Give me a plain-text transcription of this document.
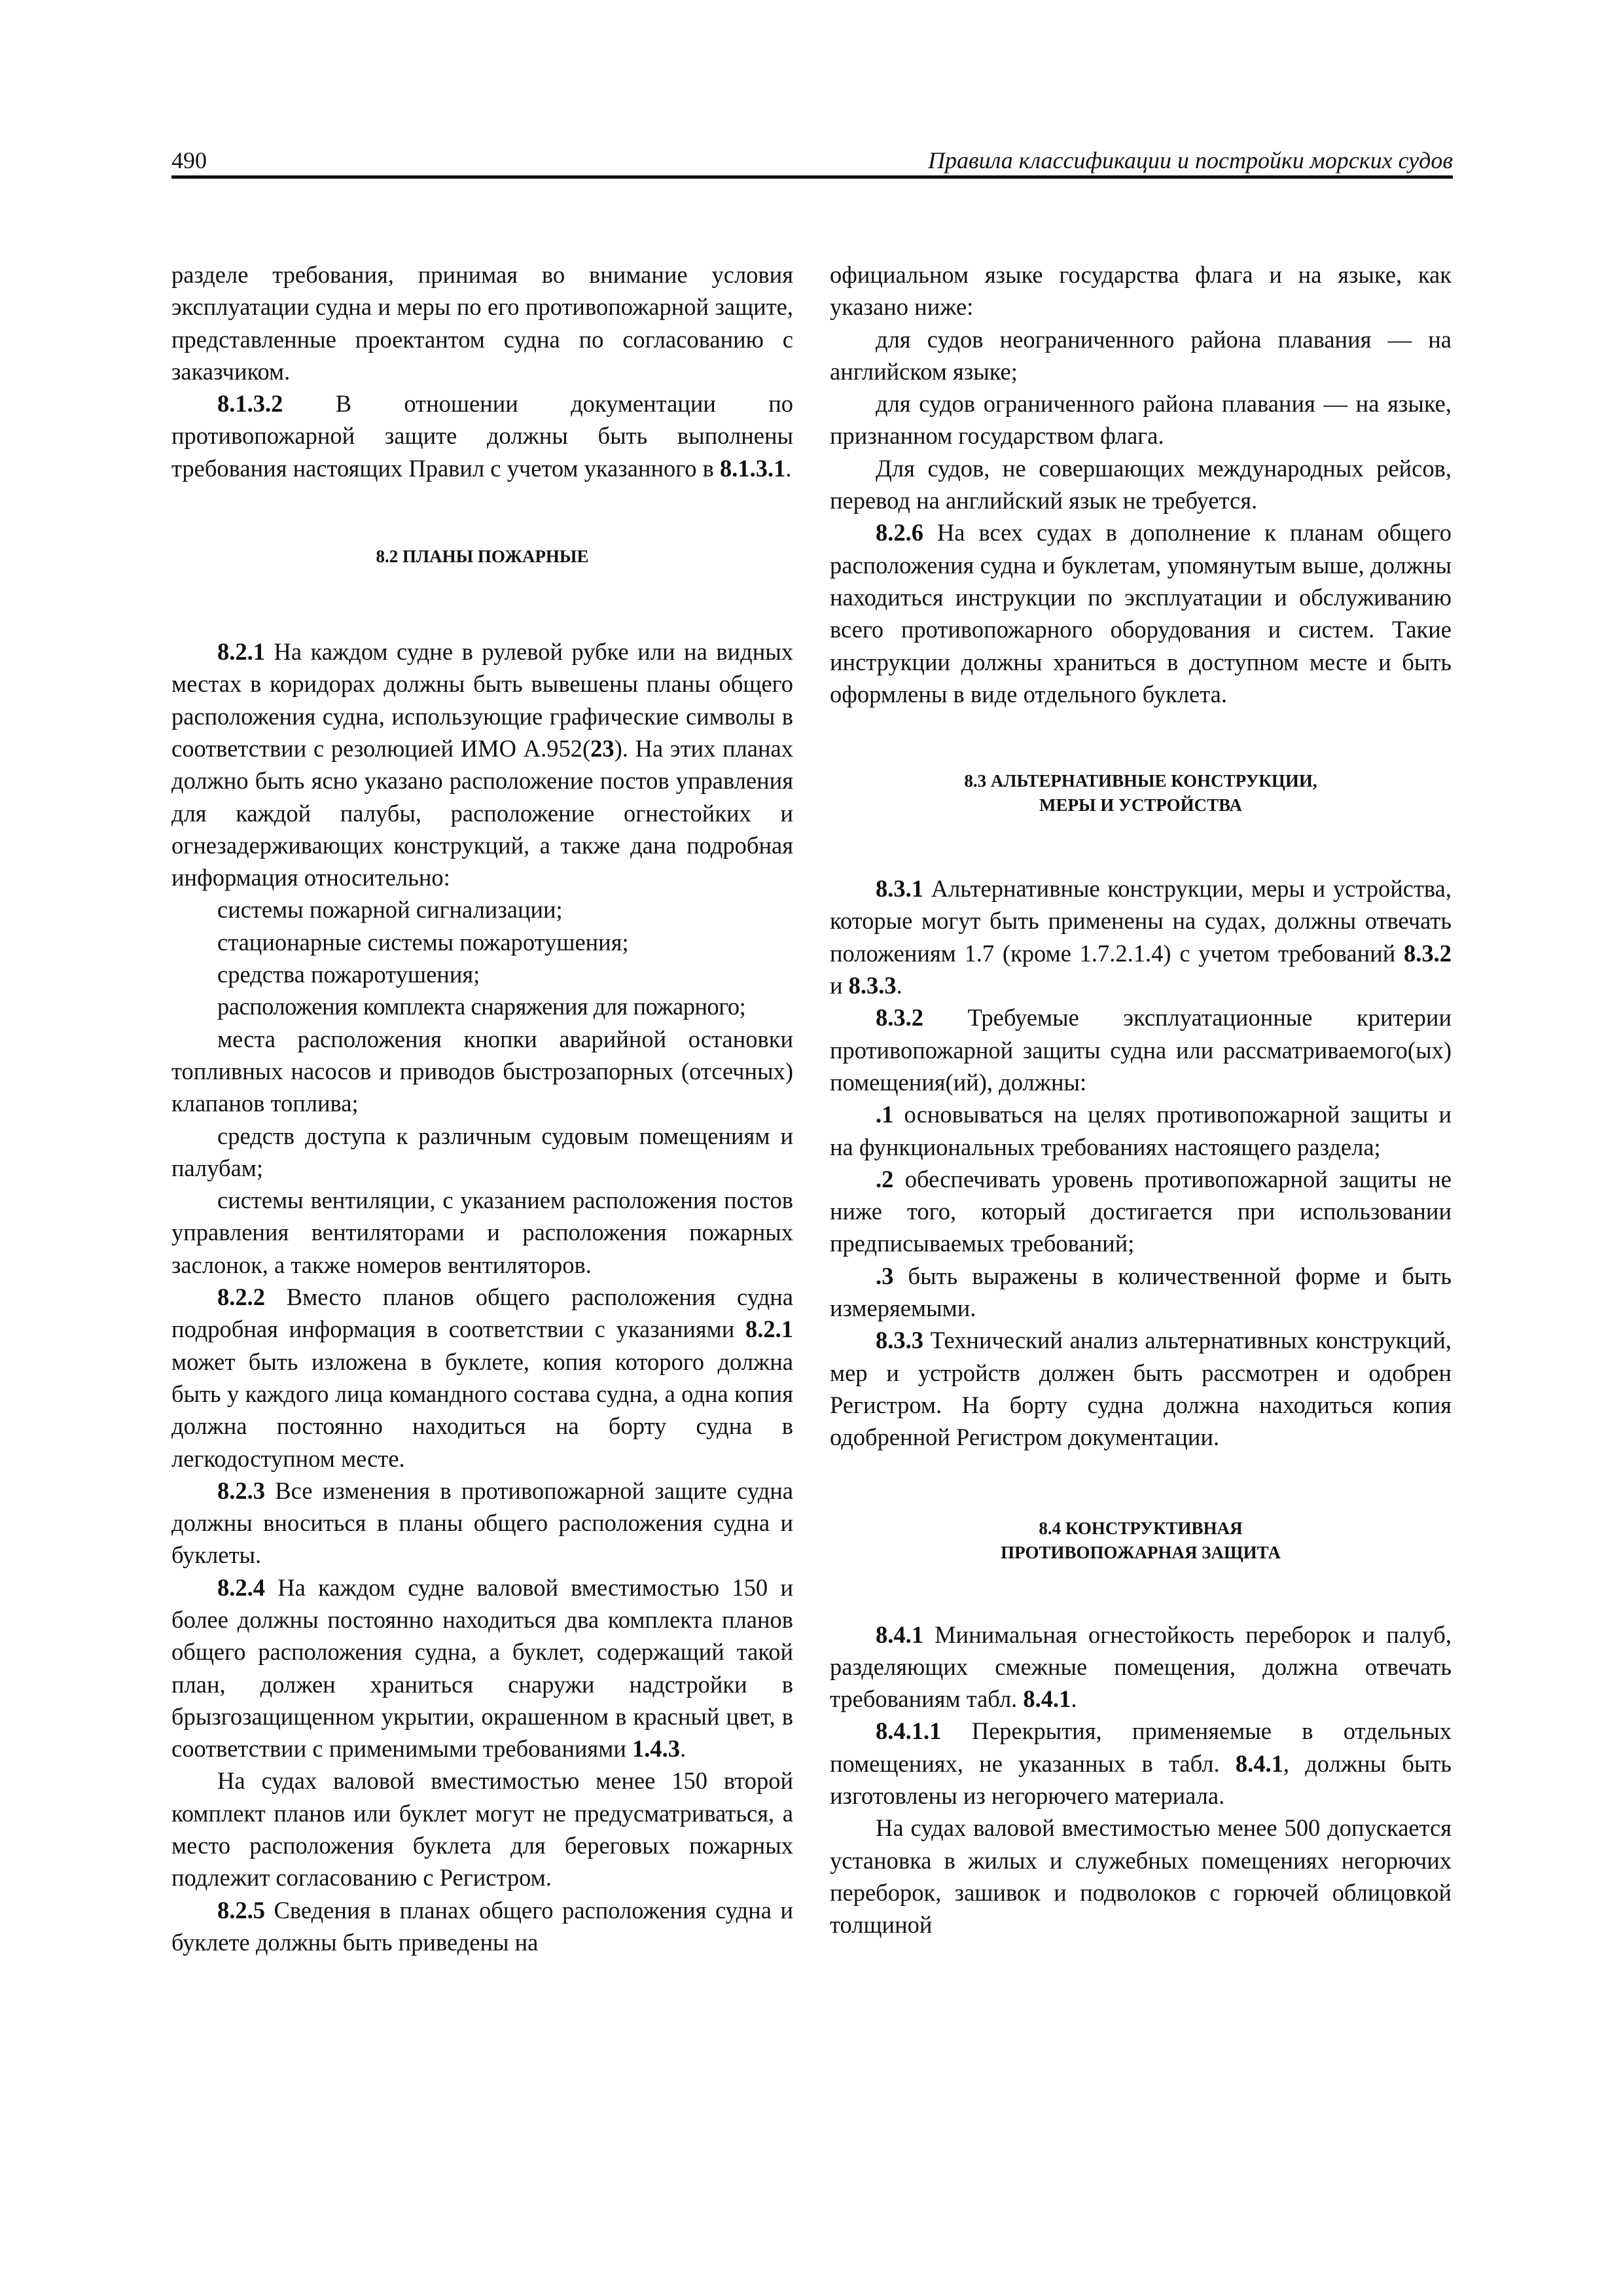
490	Правила классификации и постройки морских судов

разделе требования, принимая во внимание условия эксплуатации судна и меры по его противопожарной защите, представленные проектантом судна по согласованию с заказчиком.

8.1.3.2 В отношении документации по противопожарной защите должны быть выполнены требования настоящих Правил с учетом указанного в 8.1.3.1.

8.2 ПЛАНЫ ПОЖАРНЫЕ

8.2.1 На каждом судне в рулевой рубке или на видных местах в коридорах должны быть вывешены планы общего расположения судна, использующие графические символы в соответствии с резолюцией ИМО А.952(23). На этих планах должно быть ясно указано расположение постов управления для каждой палубы, расположение огнестойких и огнезадерживающих конструкций, а также дана подробная информация относительно:

системы пожарной сигнализации;

стационарные системы пожаротушения;

средства пожаротушения;

расположения комплекта снаряжения для пожарного;

места расположения кнопки аварийной остановки топливных насосов и приводов быстрозапорных (отсечных) клапанов топлива;

средств доступа к различным судовым помещениям и палубам;

системы вентиляции, с указанием расположения постов управления вентиляторами и расположения пожарных заслонок, а также номеров вентиляторов.

8.2.2 Вместо планов общего расположения судна подробная информация в соответствии с указаниями 8.2.1 может быть изложена в буклете, копия которого должна быть у каждого лица командного состава судна, а одна копия должна постоянно находиться на борту судна в легкодоступном месте.

8.2.3 Все изменения в противопожарной защите судна должны вноситься в планы общего расположения судна и буклеты.

8.2.4 На каждом судне валовой вместимостью 150 и более должны постоянно находиться два комплекта планов общего расположения судна, а буклет, содержащий такой план, должен храниться снаружи надстройки в брызгозащищенном укрытии, окрашенном в красный цвет, в соответствии с применимыми требованиями 1.4.3.

На судах валовой вместимостью менее 150 второй комплект планов или буклет могут не предусматриваться, а место расположения буклета для береговых пожарных подлежит согласованию с Регистром.

8.2.5 Сведения в планах общего расположения судна и буклете должны быть приведены на

официальном языке государства флага и на языке, как указано ниже:

для судов неограниченного района плавания — на английском языке;

для судов ограниченного района плавания — на языке, признанном государством флага.

Для судов, не совершающих международных рейсов, перевод на английский язык не требуется.

8.2.6 На всех судах в дополнение к планам общего расположения судна и буклетам, упомянутым выше, должны находиться инструкции по эксплуатации и обслуживанию всего противопожарного оборудования и систем. Такие инструкции должны храниться в доступном месте и быть оформлены в виде отдельного буклета.

8.3 АЛЬТЕРНАТИВНЫЕ КОНСТРУКЦИИ,
МЕРЫ И УСТРОЙСТВА

8.3.1 Альтернативные конструкции, меры и устройства, которые могут быть применены на судах, должны отвечать положениям 1.7 (кроме 1.7.2.1.4) с учетом требований 8.3.2 и 8.3.3.

8.3.2 Требуемые эксплуатационные критерии противопожарной защиты судна или рассматриваемого(ых) помещения(ий), должны:

.1 основываться на целях противопожарной защиты и на функциональных требованиях настоящего раздела;

.2 обеспечивать уровень противопожарной защиты не ниже того, который достигается при использовании предписываемых требований;

.3 быть выражены в количественной форме и быть измеряемыми.

8.3.3 Технический анализ альтернативных конструкций, мер и устройств должен быть рассмотрен и одобрен Регистром. На борту судна должна находиться копия одобренной Регистром документации.

8.4 КОНСТРУКТИВНАЯ
ПРОТИВОПОЖАРНАЯ ЗАЩИТА

8.4.1 Минимальная огнестойкость переборок и палуб, разделяющих смежные помещения, должна отвечать требованиям табл. 8.4.1.

8.4.1.1 Перекрытия, применяемые в отдельных помещениях, не указанных в табл. 8.4.1, должны быть изготовлены из негорючего материала.

На судах валовой вместимостью менее 500 допускается установка в жилых и служебных помещениях негорючих переборок, зашивок и подволоков с горючей облицовкой толщиной
